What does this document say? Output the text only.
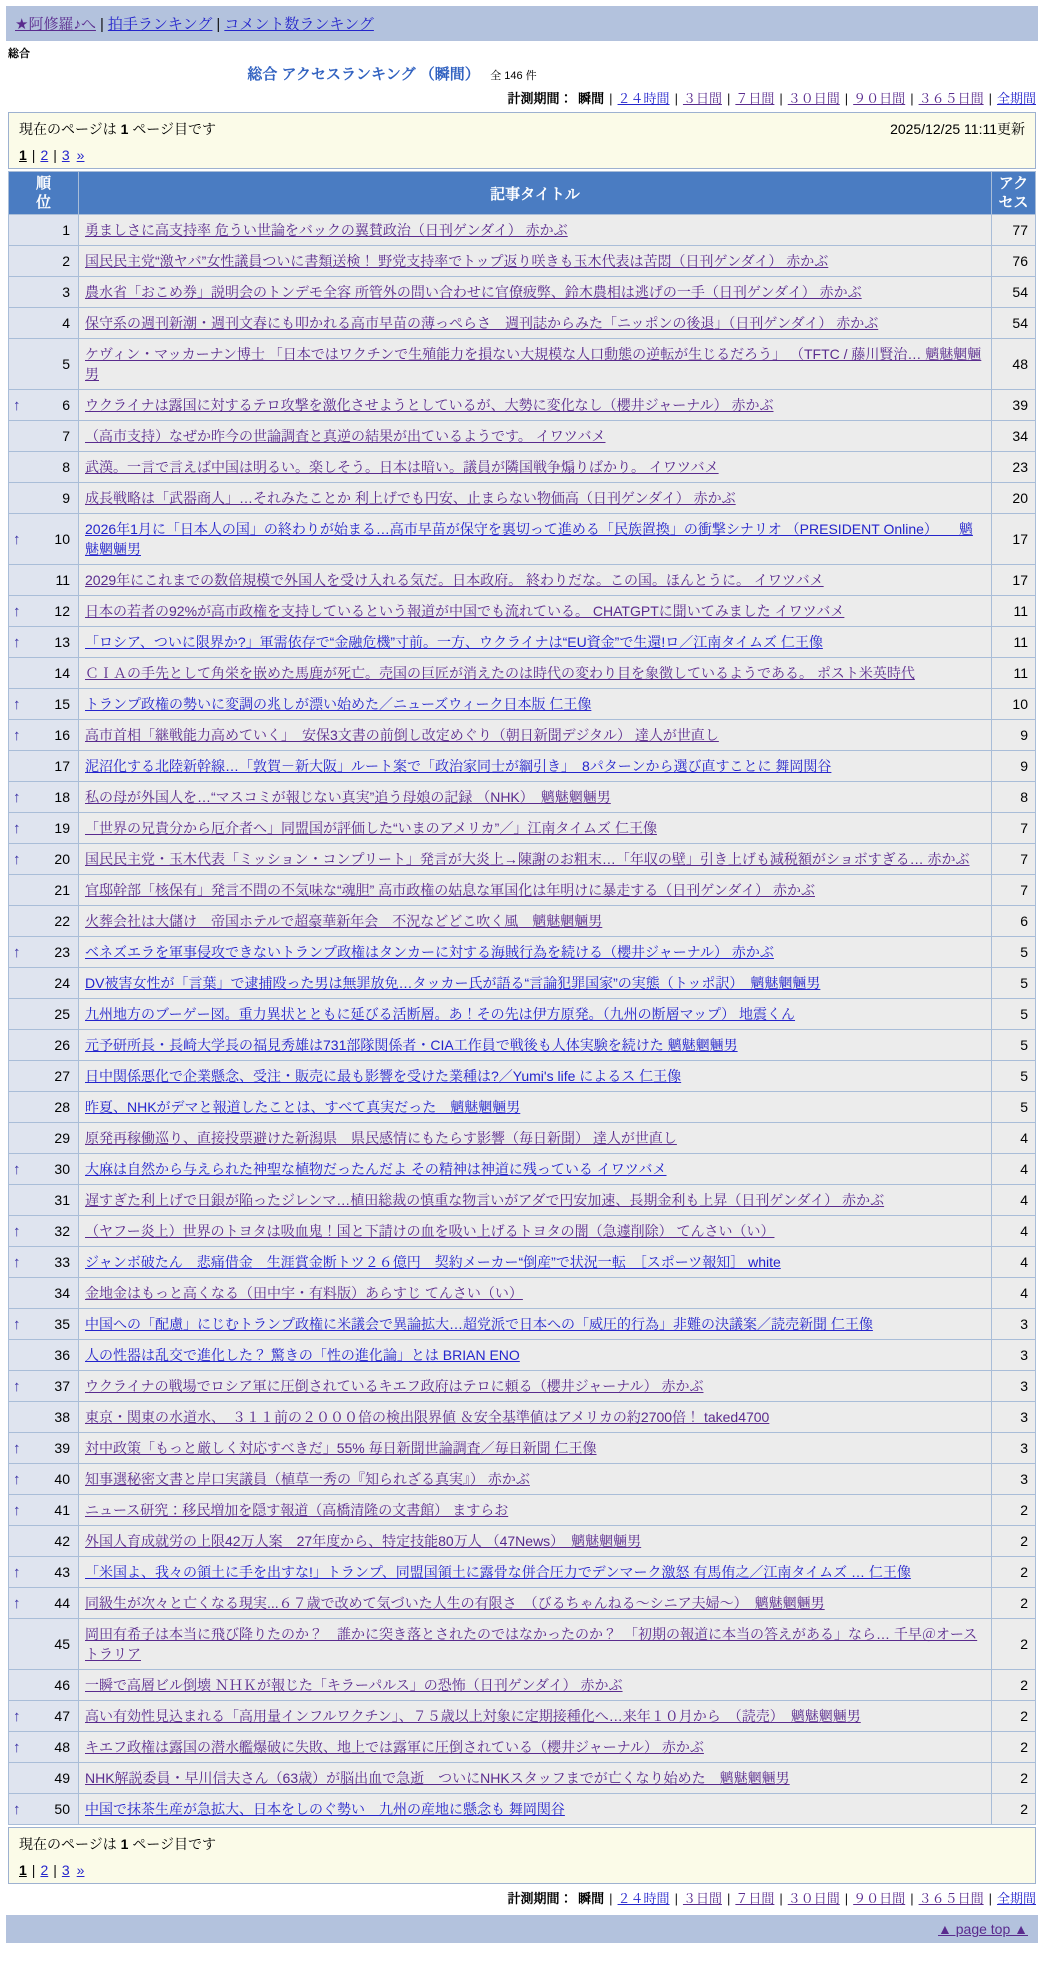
★阿修羅♪へ | 拍手ランキング | コメント数ランキング
総合
総合 アクセスランキング （瞬間） 全 146 件
計測期間： 瞬間 | ２４時間 | ３日間 | ７日間 | ３０日間 | ９０日間 | ３６５日間 | 全期間
現在のページは 1 ページ目です	2025/12/25 11:11更新
1 | 2 | 3 »
順位	記事タイトル	アクセス

1	勇ましさに高支持率 危うい世論をバックの翼賛政治（日刊ゲンダイ） 赤かぶ	77

2	国民民主党“激ヤバ”女性議員ついに書類送検！ 野党支持率でトップ返り咲きも玉木代表は苦悶（日刊ゲンダイ） 赤かぶ	76

3	農水省「おこめ券」説明会のトンデモ全容 所管外の問い合わせに官僚疲弊、鈴木農相は逃げの一手（日刊ゲンダイ） 赤かぶ	54

4	保守系の週刊新潮・週刊文春にも叩かれる高市早苗の薄っぺらさ　週刊誌からみた「ニッポンの後退」（日刊ゲンダイ） 赤かぶ	54

5	ケヴィン・マッカーナン博士 「日本ではワクチンで生殖能力を損ない大規模な人口動態の逆転が生じるだろう」 （TFTC / 藤川賢治… 魑魅魍魎男	48

↑ 6	ウクライナは露国に対するテロ攻撃を激化させようとしているが、大勢に変化なし（櫻井ジャーナル） 赤かぶ	39

7	（高市支持）なぜか昨今の世論調査と真逆の結果が出ているようです。 イワツバメ	34

8	武漢。一言で言えば中国は明るい。楽しそう。日本は暗い。議員が隣国戦争煽りばかり。 イワツバメ	23

9	成長戦略は「武器商人」…それみたことか 利上げでも円安、止まらない物価高（日刊ゲンダイ） 赤かぶ	20

↑ 10	2026年1月に「日本人の国」の終わりが始まる…高市早苗が保守を裏切って進める「民族置換」の衝撃シナリオ （PRESIDENT Online）　　魑魅魍魎男	17

11	2029年にこれまでの数倍規模で外国人を受け入れる気だ。日本政府。 終わりだな。この国。ほんとうに。 イワツバメ	17

↑ 12	日本の若者の92%が高市政権を支持しているという報道が中国でも流れている。 CHATGPTに聞いてみました イワツバメ	11

↑ 13	「ロシア、ついに限界か?」軍需依存で“金融危機”寸前。一方、ウクライナは“EU資金”で生還!ロ／江南タイムズ 仁王像	11

14	ＣＩＡの手先として角栄を嵌めた馬鹿が死亡。売国の巨匠が消えたのは時代の変わり目を象徴しているようである。 ポスト米英時代	11

↑ 15	トランプ政権の勢いに変調の兆しが漂い始めた／ニューズウィーク日本版 仁王像	10

↑ 16	高市首相「継戦能力高めていく」　安保3文書の前倒し改定めぐり（朝日新聞デジタル） 達人が世直し	9

17	泥沼化する北陸新幹線…「敦賀－新大阪」ルート案で「政治家同士が綱引き」　8パターンから選び直すことに 舞岡関谷	9

↑ 18	私の母が外国人を…“マスコミが報じない真実”追う母娘の記録 （NHK）　魑魅魍魎男	8

↑ 19	「世界の兄貴分から厄介者へ」同盟国が評価した“いまのアメリカ”／」江南タイムズ 仁王像	7

↑ 20	国民民主党・玉木代表「ミッション・コンプリート」発言が大炎上→陳謝のお粗末…「年収の壁」引き上げも減税額がショボすぎる… 赤かぶ	7

21	官邸幹部「核保有」発言不問の不気味な“魂胆” 高市政権の姑息な軍国化は年明けに暴走する（日刊ゲンダイ） 赤かぶ	7

22	火葬会社は大儲け　帝国ホテルで超豪華新年会　不況などどこ吹く風　魑魅魍魎男	6

↑ 23	ベネズエラを軍事侵攻できないトランプ政権はタンカーに対する海賊行為を続ける（櫻井ジャーナル） 赤かぶ	5

24	DV被害女性が「言葉」で逮捕殴った男は無罪放免…タッカー氏が語る“言論犯罪国家”の実態（トッポ訳）　魑魅魍魎男	5

25	九州地方のブーゲー図。重力異状とともに延びる活断層。あ！その先は伊方原発。（九州の断層マップ） 地震くん	5

26	元予研所長・長崎大学長の福見秀雄は731部隊関係者・CIA工作員で戦後も人体実験を続けた 魑魅魍魎男	5

27	日中関係悪化で企業懸念、受注・販売に最も影響を受けた業種は?／Yumi's life によるス 仁王像	5

28	昨夏、NHKがデマと報道したことは、すべて真実だった　魑魅魍魎男	5

29	原発再稼働巡り、直接投票避けた新潟県　県民感情にもたらす影響（毎日新聞） 達人が世直し	4

↑ 30	大麻は自然から与えられた神聖な植物だったんだよ その精神は神道に残っている イワツバメ	4

31	遅すぎた利上げで日銀が陥ったジレンマ…植田総裁の慎重な物言いがアダで円安加速、長期金利も上昇（日刊ゲンダイ） 赤かぶ	4

↑ 32	（ヤフー炎上）世界のトヨタは吸血鬼！国と下請けの血を吸い上げるトヨタの闇（急遽削除） てんさい（い）	4

↑ 33	ジャンボ破たん　悲痛借金　生涯賞金断トツ２６億円　契約メーカー“倒産”で状況一転　［スポーツ報知］ white	4

34	金地金はもっと高くなる（田中宇・有料版）あらすじ てんさい（い）	4

↑ 35	中国への「配慮」にじむトランプ政権に米議会で異論拡大…超党派で日本への「威圧的行為」非難の決議案／読売新聞 仁王像	3

36	人の性器は乱交で進化した？ 驚きの「性の進化論」とは BRIAN ENO	3

↑ 37	ウクライナの戦場でロシア軍に圧倒されているキエフ政府はテロに頼る（櫻井ジャーナル） 赤かぶ	3

38	東京・関東の水道水、　３１１前の２０００倍の検出限界値 ＆安全基準値はアメリカの約2700倍！ taked4700	3

↑ 39	対中政策「もっと厳しく対応すべきだ」55% 毎日新聞世論調査／毎日新聞 仁王像	3

↑ 40	知事選秘密文書と岸口実議員（植草一秀の『知られざる真実』） 赤かぶ	3

↑ 41	ニュース研究：移民増加を隠す報道（高橋清隆の文書館） ますらお	2

42	外国人育成就労の上限42万人案　27年度から、特定技能80万人 （47News）　魑魅魍魎男	2

↑ 43	「米国よ、我々の領土に手を出すな!」トランプ、同盟国領土に露骨な併合圧力でデンマーク激怒 有馬侑之／江南タイムズ … 仁王像	2

↑ 44	同級生が次々と亡くなる現実...６７歳で改めて気づいた人生の有限さ　（びるちゃんねる～シニア夫婦～）　魑魅魍魎男	2

45	岡田有希子は本当に飛び降りたのか？　誰かに突き落とされたのではなかったのか？　「初期の報道に本当の答えがある」なら… 千早＠オーストラリア	2

46	一瞬で高層ビル倒壊 ＮＨＫが報じた「キラーパルス」の恐怖（日刊ゲンダイ） 赤かぶ	2

↑ 47	高い有効性見込まれる「高用量インフルワクチン」、７５歳以上対象に定期接種化へ…来年１０月から　（読売）　魑魅魍魎男	2

↑ 48	キエフ政権は露国の潜水艦爆破に失敗、地上では露軍に圧倒されている（櫻井ジャーナル） 赤かぶ	2

49	NHK解説委員・早川信夫さん（63歳）が脳出血で急逝　ついにNHKスタッフまでが亡くなり始めた　魑魅魍魎男	2

↑ 50	中国で抹茶生産が急拡大、日本をしのぐ勢い　九州の産地に懸念も 舞岡関谷	2
現在のページは 1 ページ目です
1 | 2 | 3 »
計測期間： 瞬間 | ２４時間 | ３日間 | ７日間 | ３０日間 | ９０日間 | ３６５日間 | 全期間
▲ page top ▲
